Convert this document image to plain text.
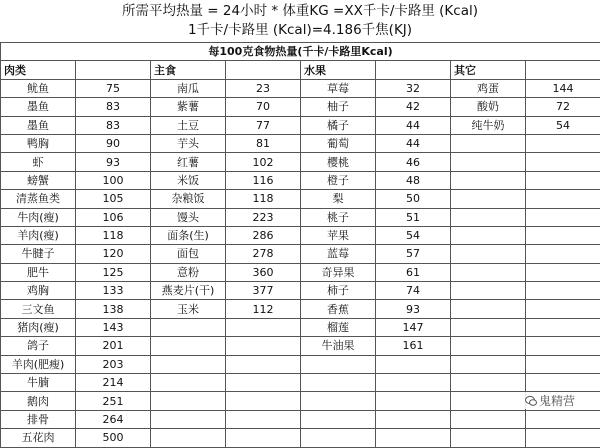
所需平均热量 = 24小时 * 体重KG =XX千卡/卡路里 (Kcal)
1千卡/卡路里 (Kcal)=4.186千焦(KJ)
每100克食物热量(千卡/卡路里Kcal)							
肉类		主食		水果		其它	
鱿鱼	75	南瓜	23	草莓	32	鸡蛋	144
墨鱼	83	紫薯	70	柚子	42	酸奶	72
墨鱼	83	土豆	77	橘子	44	纯牛奶	54
鸭胸	90	芋头	81	葡萄	44		
虾	93	红薯	102	樱桃	46		
螃蟹	100	米饭	116	橙子	48		
清蒸鱼类	105	杂粮饭	118	梨	50		
牛肉(瘦)	106	馒头	223	桃子	51		
羊肉(瘦)	118	面条(生)	286	苹果	54		
牛腱子	120	面包	278	蓝莓	57		
肥牛	125	意粉	360	奇异果	61		
鸡胸	133	燕麦片(干)	377	柿子	74		
三文鱼	138	玉米	112	香蕉	93		
猪肉(瘦)	143			榴莲	147		
鸽子	201			牛油果	161		
羊肉(肥瘦)	203						
牛腩	214						
鹅肉	251						
排骨	264						
五花肉	500						
鬼精营
